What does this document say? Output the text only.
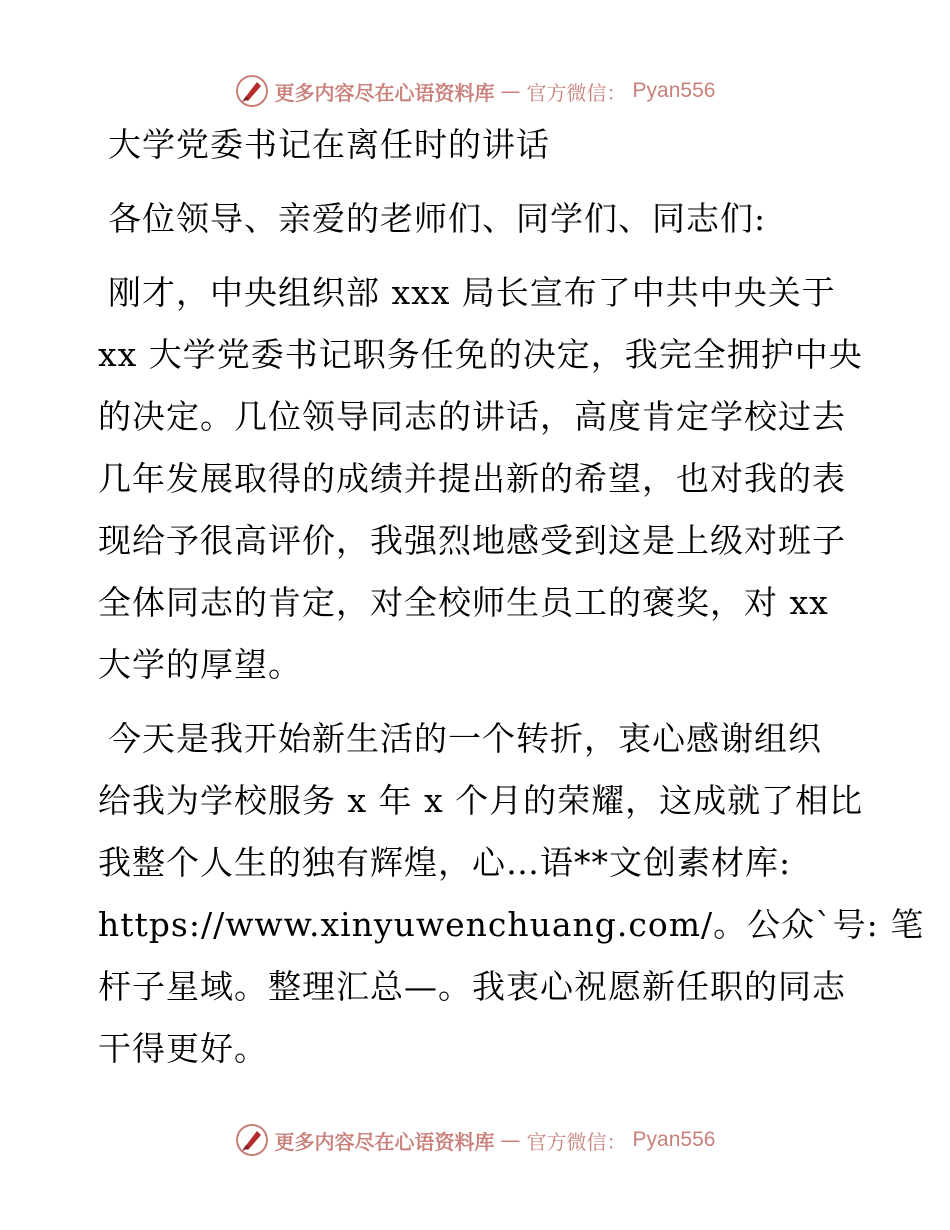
更多内容尽在心语资料库 — 官方微信： Pyan556
大学党委书记在离任时的讲话
各位领导、亲爱的老师们、同学们、同志们:
刚才，中央组织部 xxx 局长宣布了中共中央关于
xx 大学党委书记职务任免的决定，我完全拥护中央
的决定。几位领导同志的讲话，高度肯定学校过去
几年发展取得的成绩并提出新的希望，也对我的表
现给予很高评价，我强烈地感受到这是上级对班子
全体同志的肯定，对全校师生员工的褒奖，对 xx
大学的厚望。
今天是我开始新生活的一个转折，衷心感谢组织
给我为学校服务 x 年 x 个月的荣耀，这成就了相比
我整个人生的独有辉煌，心…语**文创素材库:
https://www.xinyuwenchuang.com/。公众`号: 笔
杆子星域。整理汇总—。我衷心祝愿新任职的同志
干得更好。
更多内容尽在心语资料库 — 官方微信： Pyan556
